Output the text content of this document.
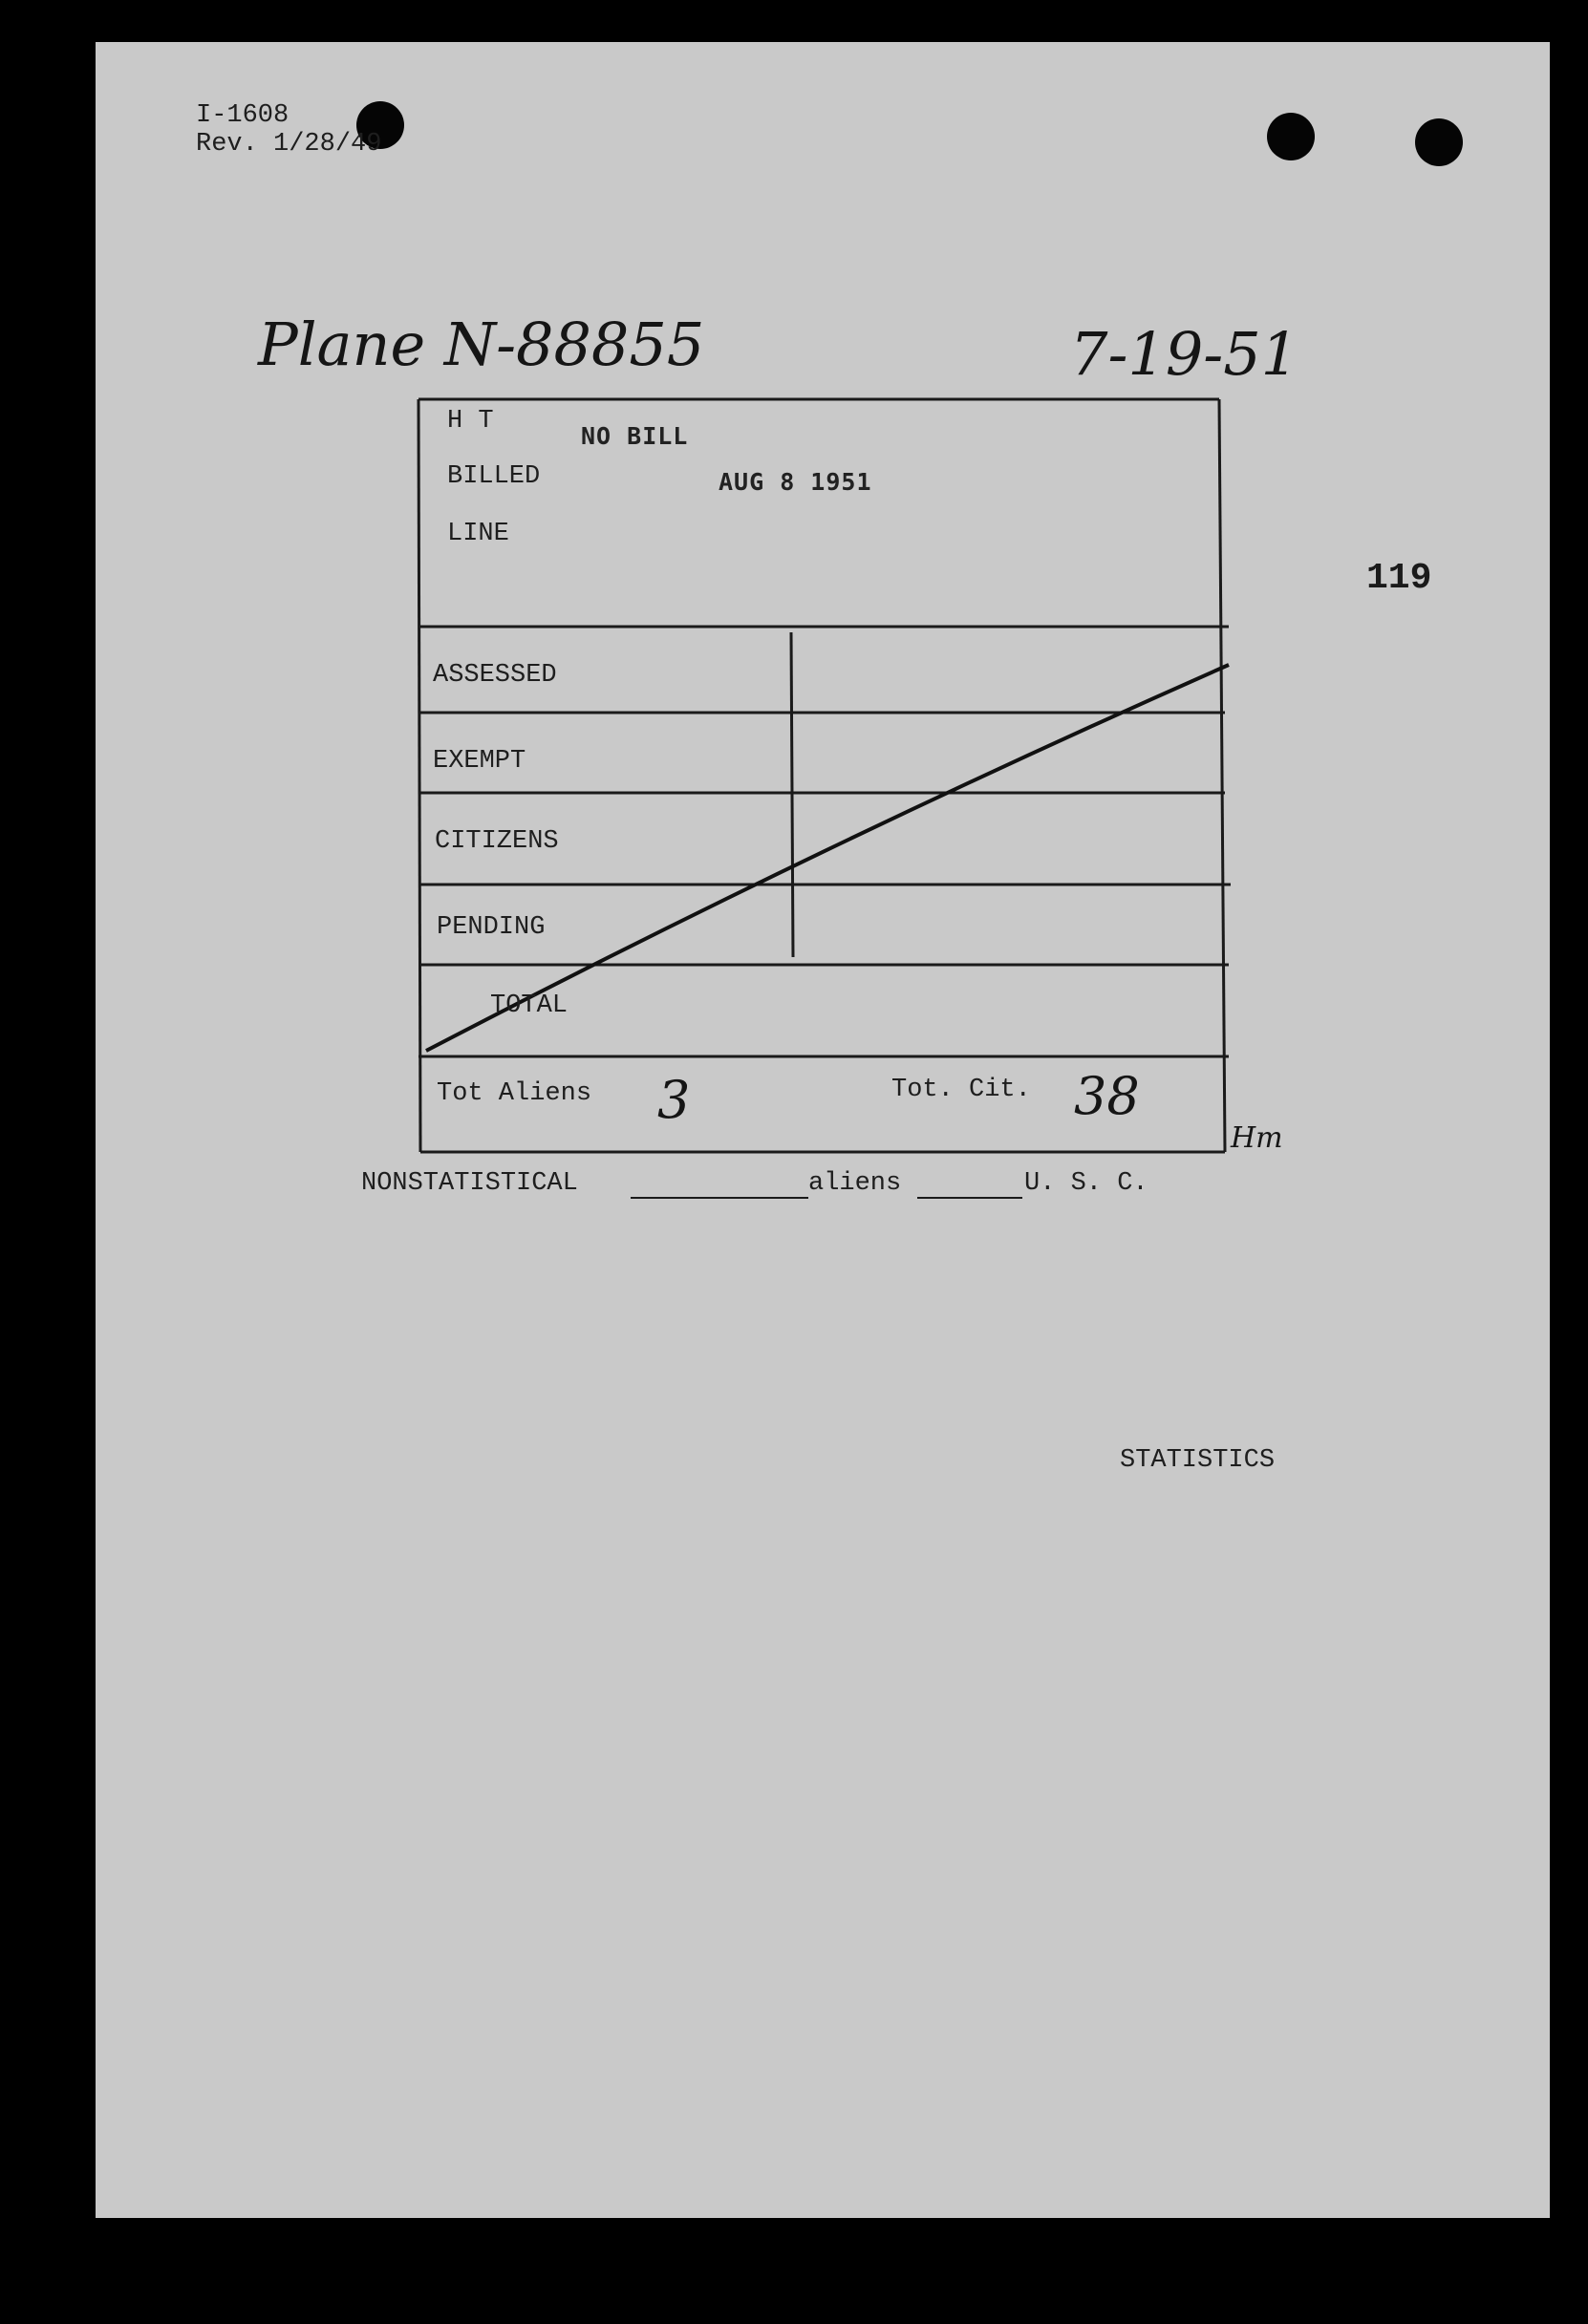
I-1608
Rev. 1/28/49
Plane N-88855	7-19-51
119
H T
BILLED
LINE
NO BILL
AUG 8 1951
ASSESSED
EXEMPT
CITIZENS
PENDING
TOTAL
Tot Aliens 3	Tot. Cit. 38
Hm
NONSTATISTICAL	aliens	U. S. C.
STATISTICS
